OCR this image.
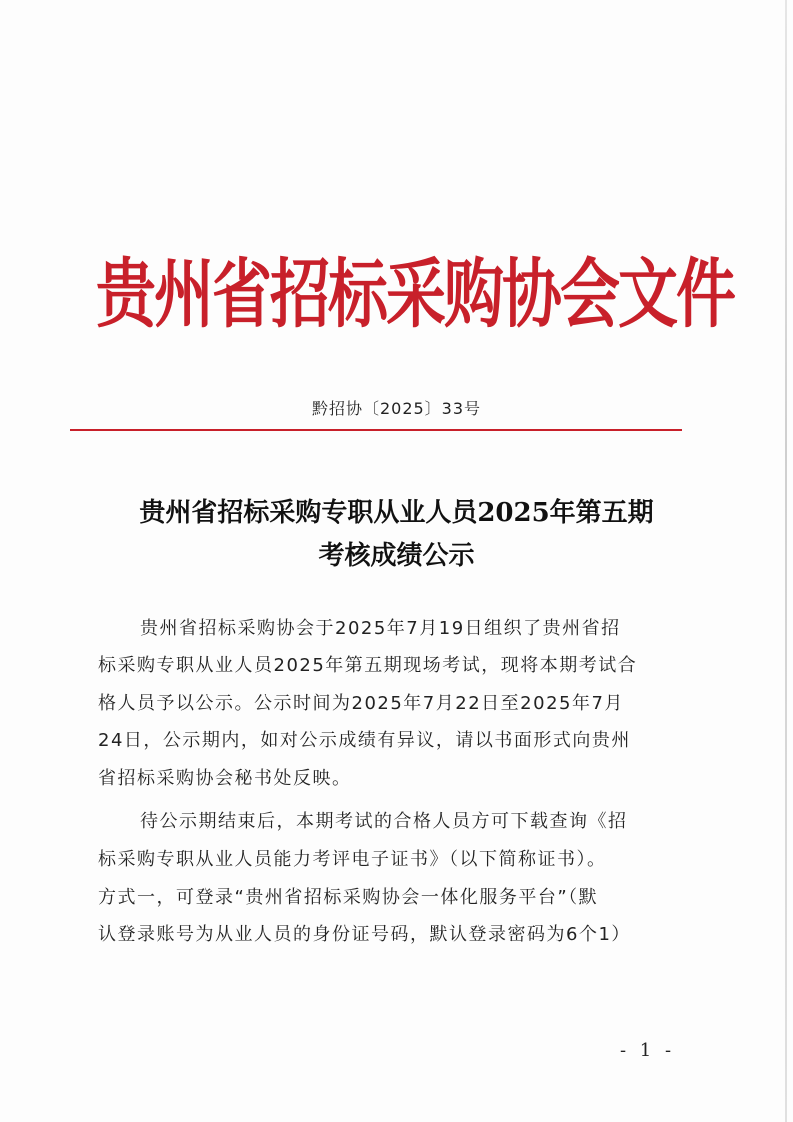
贵州省招标采购协会文件
黔招协〔2025〕33号
贵州省招标采购专职从业人员2025年第五期
考核成绩公示
贵州省招标采购协会于2025年7月19日组织了贵州省招
标采购专职从业人员2025年第五期现场考试，现将本期考试合
格人员予以公示。公示时间为2025年7月22日至2025年7月
24日，公示期内，如对公示成绩有异议，请以书面形式向贵州
省招标采购协会秘书处反映。
待公示期结束后，本期考试的合格人员方可下载查询《招
标采购专职从业人员能力考评电子证书》（以下简称证书）。
方式一，可登录“贵州省招标采购协会一体化服务平台”（默
认登录账号为从业人员的身份证号码，默认登录密码为6个1）
- 1 -
